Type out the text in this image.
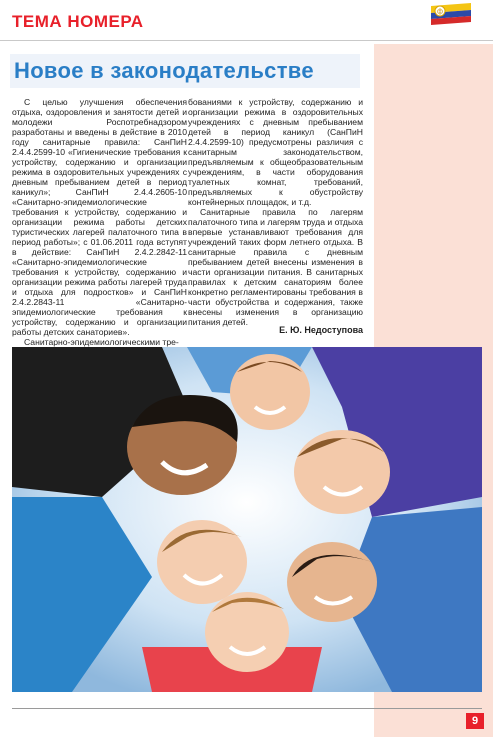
ТЕМА НОМЕРА	ф
Новое в законодательстве

С целью улучшения обеспечения отдыха, оздоровления и занятости детей и молодежи Роспотребнадзором разработаны и введены в действие в 2010 году санитарные правила: СанПиН 2.4.4.2599-10 «Гигиенические требования к устройству, содержанию и организации режима в оздоровительных учреждениях с дневным пребыванием детей в период каникул»; СанПиН 2.4.4.2605-10 «Санитарно-эпидемиологические требования к устройству, содержанию и организации режима работы детских туристических лагерей палаточного типа в период работы»; с 01.06.2011 года вступят в действие: СанПиН 2.4.2.2842-11 «Санитарно-эпидемиологические требования к устройству, содержанию и организации режима работы лагерей труда и отдыха для подростков» и СанПиН 2.4.2.2843-11 «Санитарно-эпидемиологические требования к устройству, содержанию и организации работы детских санаториев».

Санитарно-эпидемиологическими тре-

бованиями к устройству, содержанию и организации режима в оздоровительных учреждениях с дневным пребыванием детей в период каникул (СанПиН 2.4.4.2599-10) предусмотрены различия с санитарным законодательством, предъявляемым к общеобразовательным учреждениям, в части оборудования туалетных комнат, требований, предъявляемых к обустройству контейнерных площадок, и т.д.

Санитарные правила по лагерям палаточного типа и лагерям труда и отдыха впервые устанавливают требования для учреждений таких форм летнего отдыха. В санитарные правила с дневным пребыванием детей внесены изменения в части организации питания. В санитарных правилах к детским санаториям более конкретно регламентированы требования в части обустройства и содержания, также внесены изменения в организацию питания детей.

Е. Ю. Недоступова
9
